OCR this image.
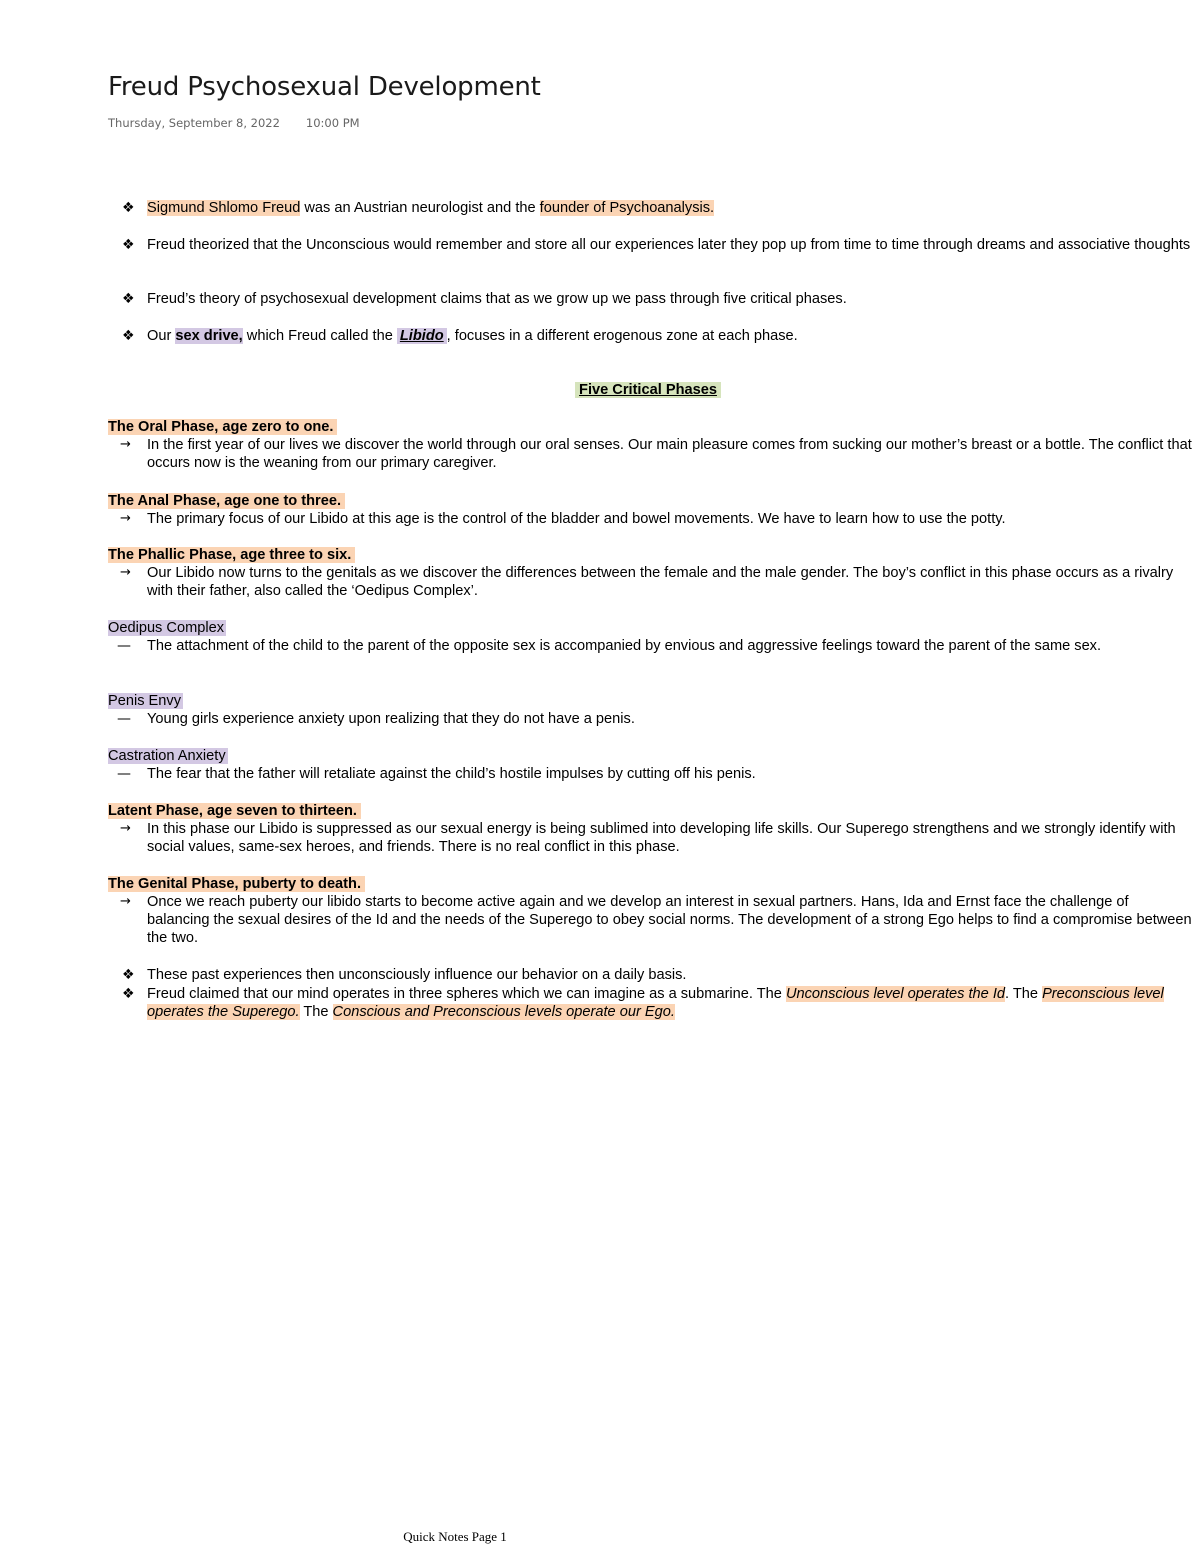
Freud Psychosexual Development
Thursday, September 8, 2022 10:00 PM
❖ Sigmund Shlomo Freud was an Austrian neurologist and the founder of Psychoanalysis.
❖ Freud theorized that the Unconscious would remember and store all our experiences later they pop up from time to time through dreams and associative thoughts
❖ Freud’s theory of psychosexual development claims that as we grow up we pass through five critical phases.
❖ Our sex drive, which Freud called the Libido , focuses in a different erogenous zone at each phase.
Five Critical Phases
The Oral Phase, age zero to one.
→ In the first year of our lives we discover the world through our oral senses. Our main pleasure comes from sucking our mother’s breast or a bottle. The conflict that occurs now is the weaning from our primary caregiver.
The Anal Phase, age one to three.
→ The primary focus of our Libido at this age is the control of the bladder and bowel movements. We have to learn how to use the potty.
The Phallic Phase, age three to six.
→ Our Libido now turns to the genitals as we discover the differences between the female and the male gender. The boy’s conflict in this phase occurs as a rivalry with their father, also called the ‘Oedipus Complex’.
Oedipus Complex
— The attachment of the child to the parent of the opposite sex is accompanied by envious and aggressive feelings toward the parent of the same sex.
Penis Envy
— Young girls experience anxiety upon realizing that they do not have a penis.
Castration Anxiety
— The fear that the father will retaliate against the child’s hostile impulses by cutting off his penis.
Latent Phase, age seven to thirteen.
→ In this phase our Libido is suppressed as our sexual energy is being sublimed into developing life skills. Our Superego strengthens and we strongly identify with social values, same-sex heroes, and friends. There is no real conflict in this phase.
The Genital Phase, puberty to death.
→ Once we reach puberty our libido starts to become active again and we develop an interest in sexual partners. Hans, Ida and Ernst face the challenge of balancing the sexual desires of the Id and the needs of the Superego to obey social norms. The development of a strong Ego helps to find a compromise between the two.
❖ These past experiences then unconsciously influence our behavior on a daily basis.
❖ Freud claimed that our mind operates in three spheres which we can imagine as a submarine. The Unconscious level operates the Id. The Preconscious level operates the Superego. The Conscious and Preconscious levels operate our Ego.
Quick Notes Page 1
